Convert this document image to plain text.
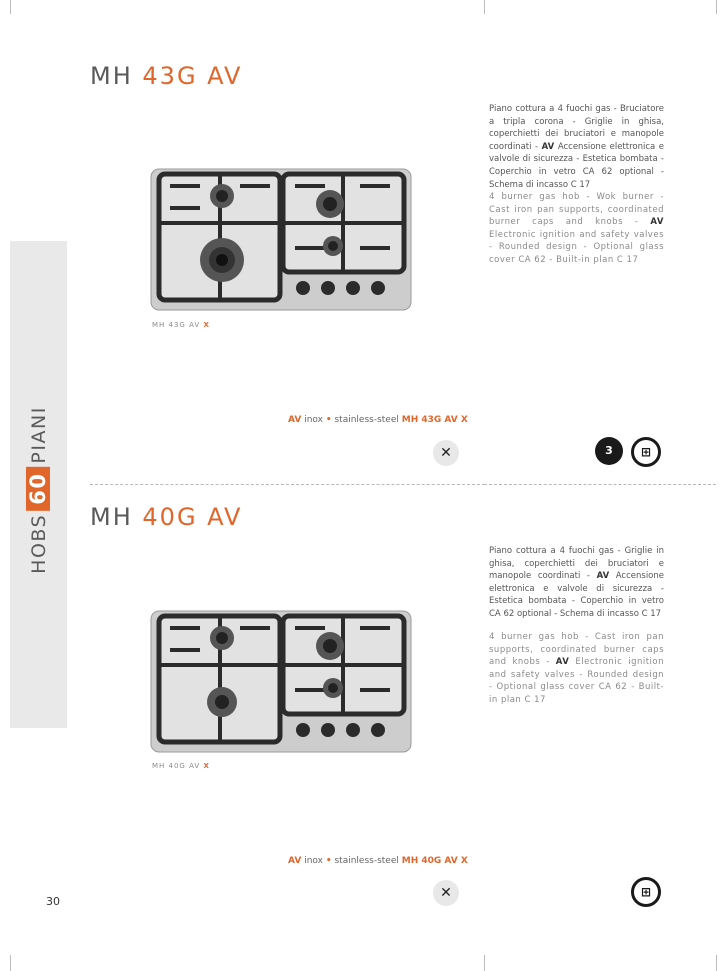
HOBS60PIANI
MH 43G AV

Piano cottura a 4 fuochi gas - Bruciatore a tripla corona - Griglie in ghisa, coperchietti dei bruciatori e manopole coordinati - AV Accensione elettronica e valvole di sicurezza - Estetica bombata - Coperchio in vetro CA 62 optional - Schema di incasso C 17

4 burner gas hob - Wok burner - Cast iron pan supports, coordinated burner caps and knobs - AV Electronic ignition and safety valves - Rounded design - Optional glass cover CA 62 - Built-in plan C 17

MH 43G AV X
AV inox • stainless-steel MH 43G AV X
✕	3	⊞
MH 40G AV

Piano cottura a 4 fuochi gas - Griglie in ghisa, coperchietti dei bruciatori e manopole coordinati - AV Accensione elettronica e valvole di sicurezza - Estetica bombata - Coperchio in vetro CA 62 optional - Schema di incasso C 17

4 burner gas hob - Cast iron pan supports, coordinated burner caps and knobs - AV Electronic ignition and safety valves - Rounded design - Optional glass cover CA 62 - Built-in plan C 17

MH 40G AV X
AV inox • stainless-steel MH 40G AV X
✕	⊞
30
